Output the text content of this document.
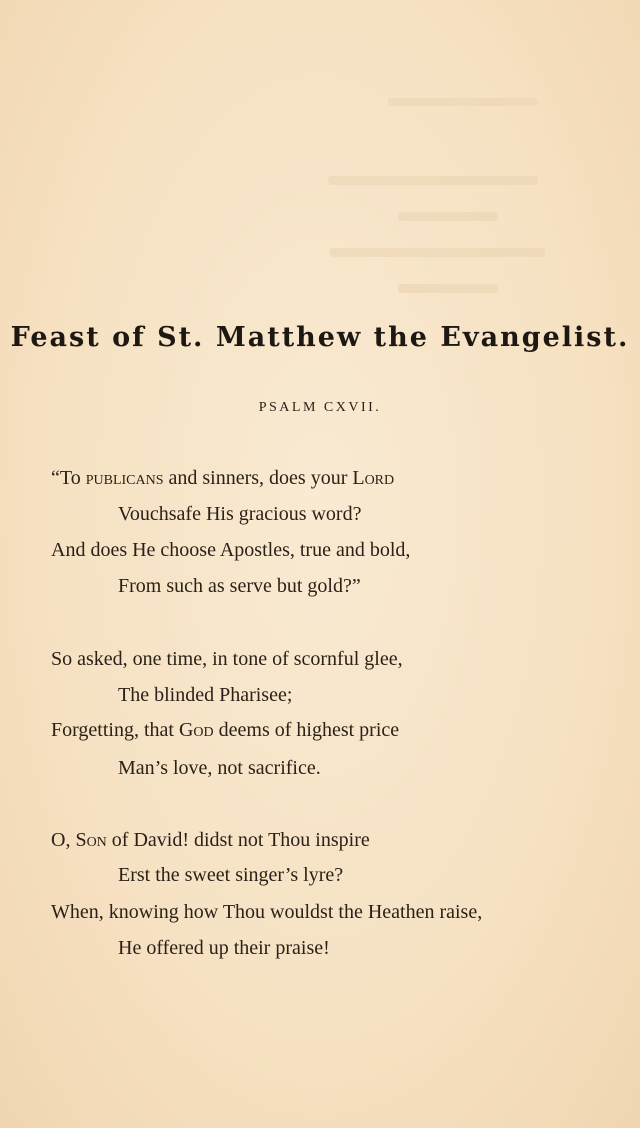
Feast of St. Matthew the Evangelist.
PSALM CXVII.
“To publicans and sinners, does your Lord
Vouchsafe His gracious word?
And does He choose Apostles, true and bold,
From such as serve but gold?”
So asked, one time, in tone of scornful glee,
The blinded Pharisee;
Forgetting, that God deems of highest price
Man’s love, not sacrifice.
O, Son of David! didst not Thou inspire
Erst the sweet singer’s lyre?
When, knowing how Thou wouldst the Heathen raise,
He offered up their praise!
